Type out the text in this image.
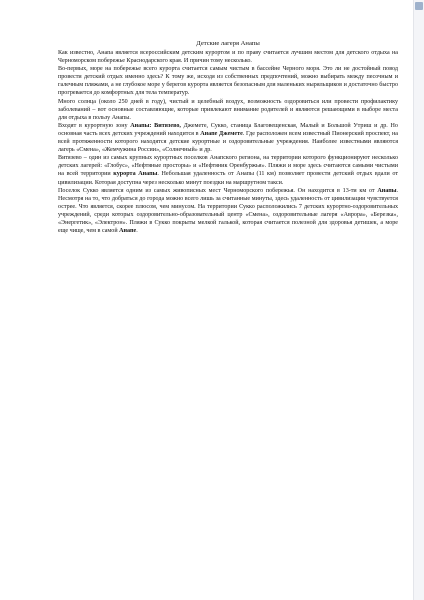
Детские лагеря Анапы

Как известно, Анапа является всероссийским детским курортом и по праву считается лучшим местом для детского отдыха на Черноморском побережье Краснодарского края. И причин тому несколько.

Во-первых, море на побережье всего курорта считается самым чистым в бассейне Черного моря. Это ли не достойный повод провести детский отдых именно здесь? К тому же, исходя из собственных предпочтений, можно выбирать между песочным и галечным пляжами, а не глубокое море у берегов курорта является безопасным для маленьких ныряльщиков и достаточно быстро прогревается до комфортных для тела температур.

Много солнца (около 250 дней в году), чистый и целебный воздух, возможность оздоровиться или провести профилактику заболеваний – вот основные составляющие, которые привлекают внимание родителей и являются решающими в выборе места для отдыха в пользу Анапы.

Входят в курортную зону Анапы: Витязево, Джемете, Сукко, станица Благовещенская, Малый и Большой Утриш и др. Но основная часть всех детских учреждений находится в Анапе Джемете. Где расположен всем известный Пионерский проспект, на всей протяженности которого находятся детские курортные и оздоровительные учреждения. Наиболее известными являются лагерь «Смена», «Жемчужина России», «Солнечный» и др.

Витязево – один из самых крупных курортных поселков Анапского региона, на территории которого функционируют несколько детских лагерей: «Глобус», «Нефтяные просторы» и «Нефтяник Оренбуржья». Пляжи и море здесь считаются самыми чистыми на всей территории курорта Анапы. Небольшая удаленность от Анапы (11 км) позволяет провести детский отдых вдали от цивилизации. Которая доступна через несколько минут поездки на маршрутном такси.

Поселок Сукко является одним из самых живописных мест Черноморского побережья. Он находится в 13-ти км от Анапы. Несмотря на то, что добраться до города можно всего лишь за считанные минуты, здесь удаленность от цивилизации чувствуется острее. Что является, скорее плюсом, чем минусом. На территории Сукко расположились 7 детских курортно-оздоровительных учреждений, среди которых оздоровительно-образовательный центр «Смена», оздоровительные лагеря «Аврора», «Березка», «Энергетик», «Электрон». Пляжи в Сукко покрыты мелкой галькой, которая считается полезной для здоровья детишек, а море еще чище, чем в самой Анапе.
